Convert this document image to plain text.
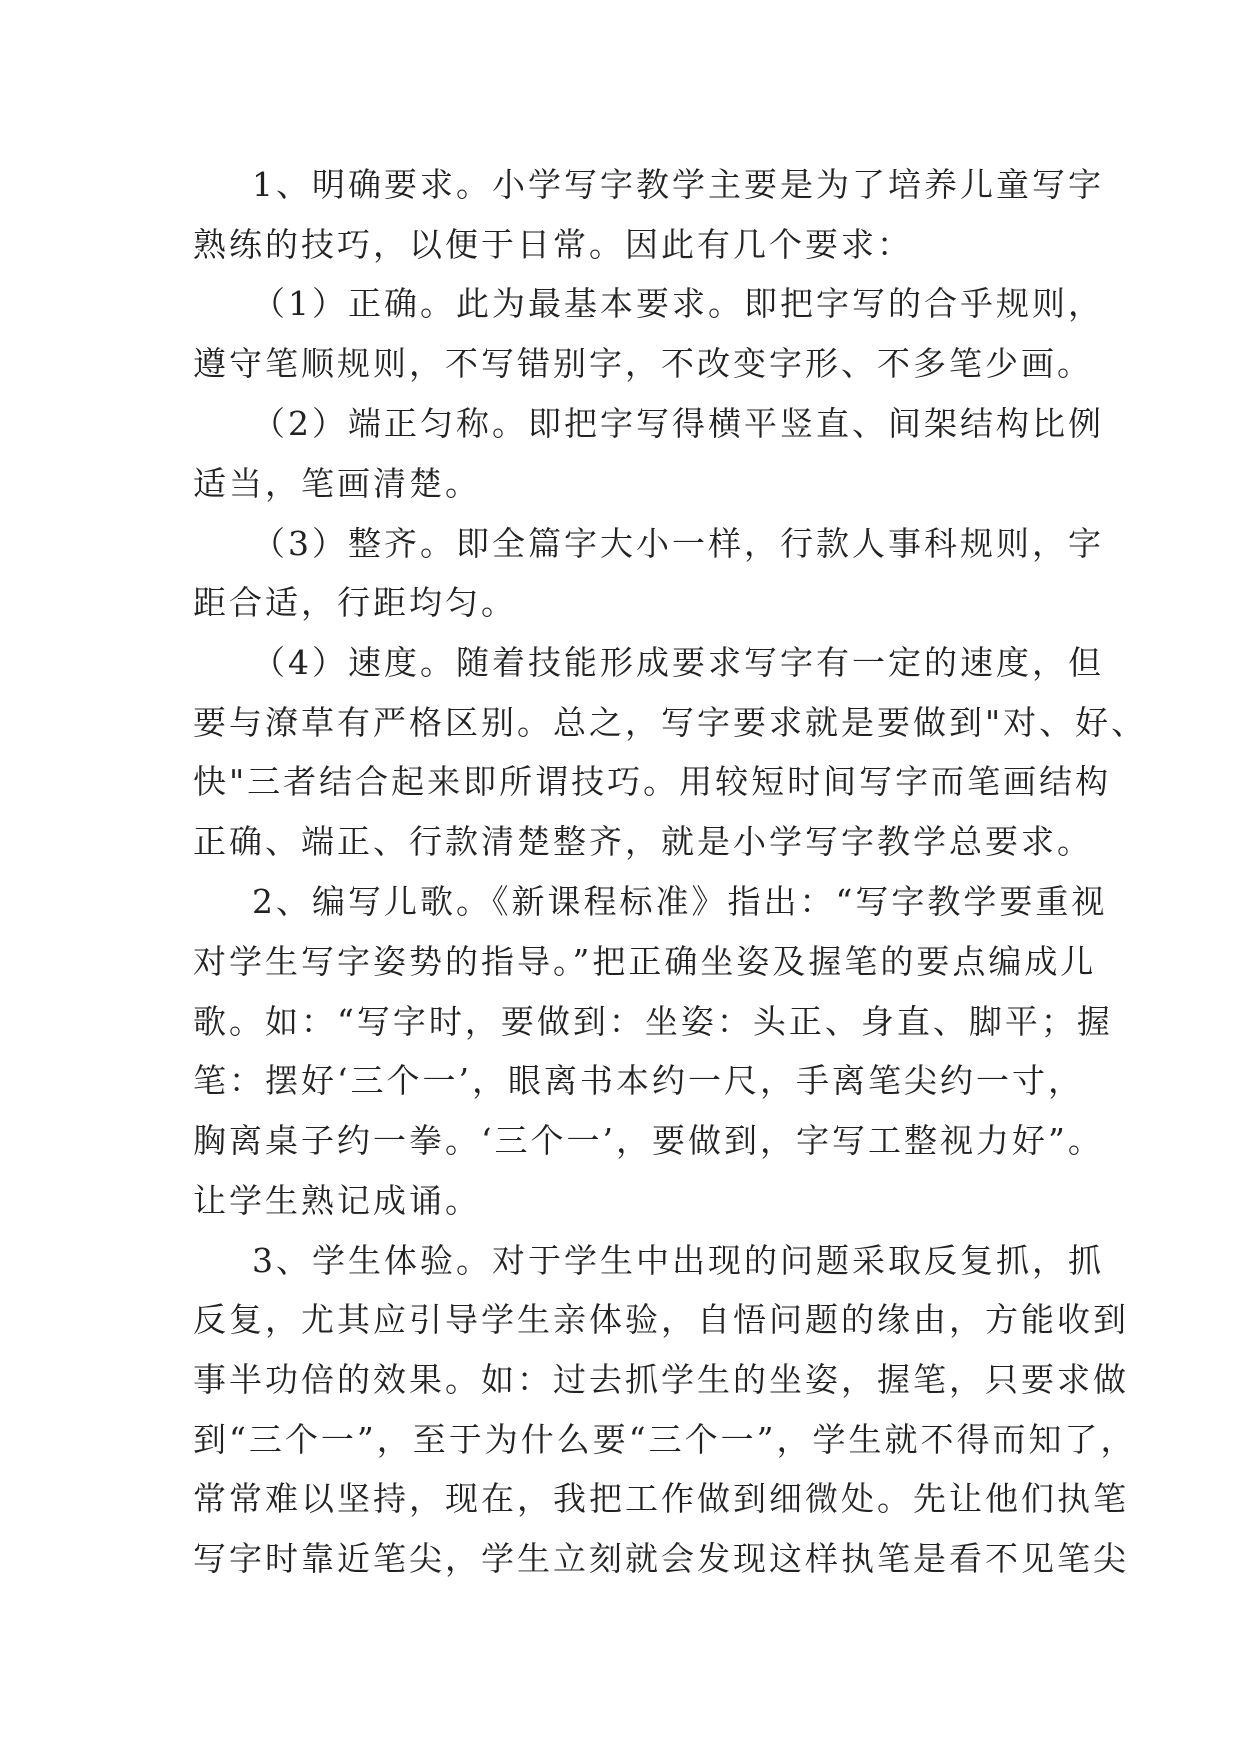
1、明确要求。小学写字教学主要是为了培养儿童写字

熟练的技巧，以便于日常。因此有几个要求：

（1）正确。此为最基本要求。即把字写的合乎规则，

遵守笔顺规则，不写错别字，不改变字形、不多笔少画。

（2）端正匀称。即把字写得横平竖直、间架结构比例

适当，笔画清楚。

（3）整齐。即全篇字大小一样，行款人事科规则，字

距合适，行距均匀。

（4）速度。随着技能形成要求写字有一定的速度，但

要与潦草有严格区别。总之，写字要求就是要做到"对、好、

快"三者结合起来即所谓技巧。用较短时间写字而笔画结构

正确、端正、行款清楚整齐，就是小学写字教学总要求。

2、编写儿歌。《新课程标准》指出：“写字教学要重视

对学生写字姿势的指导。”把正确坐姿及握笔的要点编成儿

歌。如：“写字时，要做到：坐姿：头正、身直、脚平；握

笔：摆好‘三个一’，眼离书本约一尺，手离笔尖约一寸，

胸离桌子约一拳。‘三个一’，要做到，字写工整视力好”。

让学生熟记成诵。

3、学生体验。对于学生中出现的问题采取反复抓，抓

反复，尤其应引导学生亲体验，自悟问题的缘由，方能收到

事半功倍的效果。如：过去抓学生的坐姿，握笔，只要求做

到“三个一”，至于为什么要“三个一”，学生就不得而知了，

常常难以坚持，现在，我把工作做到细微处。先让他们执笔

写字时靠近笔尖，学生立刻就会发现这样执笔是看不见笔尖
